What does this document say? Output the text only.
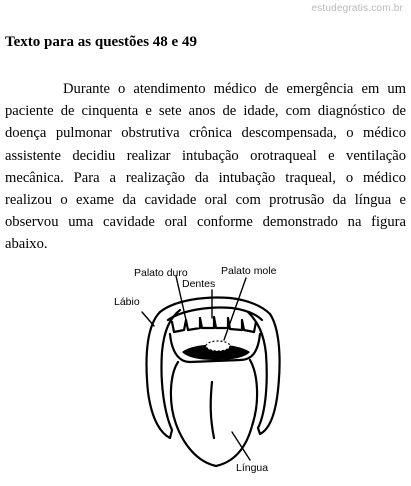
estudegratis.com.br
Texto para as questões 48 e 49

Durante o atendimento médico de emergência em um paciente de cinquenta e sete anos de idade, com diagnóstico de doença pulmonar obstrutiva crônica descompensada, o médico assistente decidiu realizar intubação orotraqueal e ventilação mecânica. Para a realização da intubação traqueal, o médico realizou o exame da cavidade oral com protrusão da língua e observou uma cavidade oral conforme demonstrado na figura abaixo.

Palato duro	Palato mole
Dentes
Lábio
Língua
